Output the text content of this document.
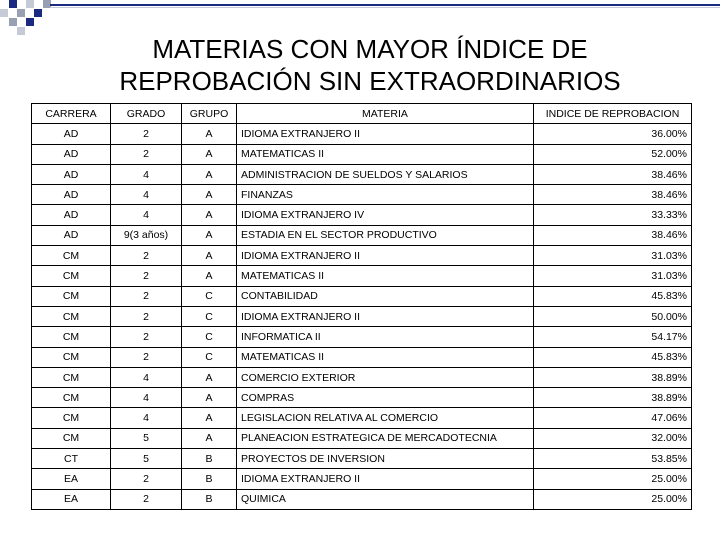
MATERIAS CON MAYOR ÍNDICE DE
REPROBACIÓN SIN EXTRAORDINARIOS
CARRERA	GRADO	GRUPO	MATERIA	INDICE DE REPROBACION
AD	2	A	IDIOMA EXTRANJERO II	36.00%
AD	2	A	MATEMATICAS II	52.00%
AD	4	A	ADMINISTRACION DE SUELDOS Y SALARIOS	38.46%
AD	4	A	FINANZAS	38.46%
AD	4	A	IDIOMA EXTRANJERO IV	33.33%
AD	9(3 años)	A	ESTADIA EN EL SECTOR PRODUCTIVO	38.46%
CM	2	A	IDIOMA EXTRANJERO II	31.03%
CM	2	A	MATEMATICAS II	31.03%
CM	2	C	CONTABILIDAD	45.83%
CM	2	C	IDIOMA EXTRANJERO II	50.00%
CM	2	C	INFORMATICA II	54.17%
CM	2	C	MATEMATICAS II	45.83%
CM	4	A	COMERCIO EXTERIOR	38.89%
CM	4	A	COMPRAS	38.89%
CM	4	A	LEGISLACION RELATIVA AL COMERCIO	47.06%
CM	5	A	PLANEACION ESTRATEGICA DE MERCADOTECNIA	32.00%
CT	5	B	PROYECTOS DE INVERSION	53.85%
EA	2	B	IDIOMA EXTRANJERO II	25.00%
EA	2	B	QUIMICA	25.00%
